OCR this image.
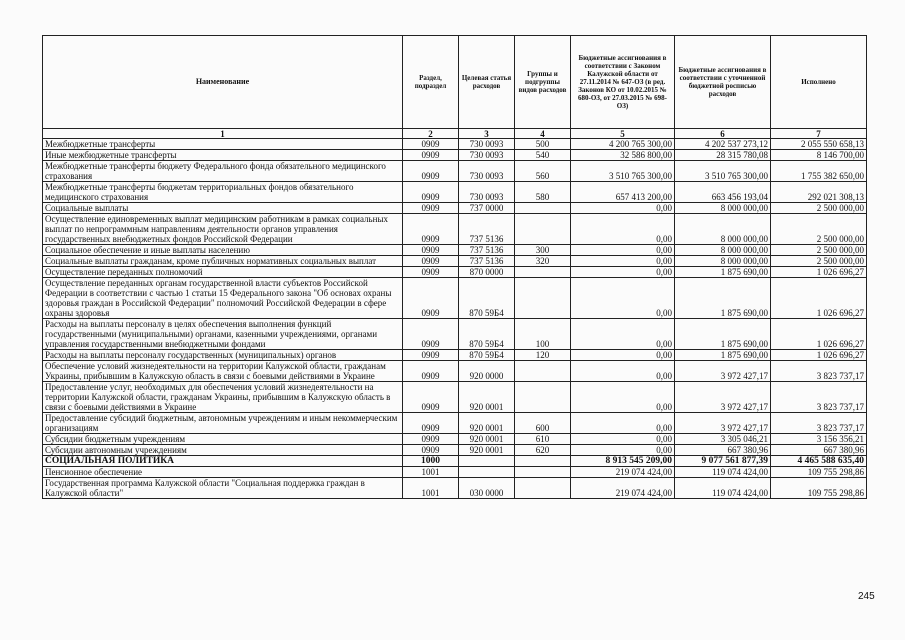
Наименование	Раздел, подраздел	Целевая статья расходов	Группы и подгруппы видов расходов	Бюджетные ассигнования в соответствии с Законом Калужской области от 27.11.2014 № 647-ОЗ (в ред. Законов КО от 10.02.2015 № 680-ОЗ, от 27.03.2015 № 698-ОЗ)	Бюджетные ассигнования в соответствии с уточненной бюджетной росписью расходов	Исполнено
1	2	3	4	5	6	7
Межбюджетные трансферты	0909	730 0093	500	4 200 765 300,00	4 202 537 273,12	2 055 550 658,13
Иные межбюджетные трансферты	0909	730 0093	540	32 586 800,00	28 315 780,08	8 146 700,00
Межбюджетные трансферты бюджету Федерального фонда обязательного медицинского страхования	0909	730 0093	560	3 510 765 300,00	3 510 765 300,00	1 755 382 650,00
Межбюджетные трансферты бюджетам территориальных фондов обязательного медицинского страхования	0909	730 0093	580	657 413 200,00	663 456 193,04	292 021 308,13
Социальные выплаты	0909	737 0000		0,00	8 000 000,00	2 500 000,00
Осуществление единовременных выплат медицинским работникам в рамках социальных выплат по непрограммным направлениям деятельности органов управления государственных внебюджетных фондов Российской Федерации	0909	737 5136		0,00	8 000 000,00	2 500 000,00
Социальное обеспечение и иные выплаты населению	0909	737 5136	300	0,00	8 000 000,00	2 500 000,00
Социальные выплаты гражданам, кроме публичных нормативных социальных выплат	0909	737 5136	320	0,00	8 000 000,00	2 500 000,00
Осуществление переданных полномочий	0909	870 0000		0,00	1 875 690,00	1 026 696,27
Осуществление переданных органам государственной власти субъектов Российской Федерации в соответствии с частью 1 статьи 15 Федерального закона "Об основах охраны здоровья граждан в Российской Федерации" полномочий Российской Федерации в сфере охраны здоровья	0909	870 59Б4		0,00	1 875 690,00	1 026 696,27
Расходы на выплаты персоналу в целях обеспечения выполнения функций государственными (муниципальными) органами, казенными учреждениями, органами управления государственными внебюджетными фондами	0909	870 59Б4	100	0,00	1 875 690,00	1 026 696,27
Расходы на выплаты персоналу государственных (муниципальных) органов	0909	870 59Б4	120	0,00	1 875 690,00	1 026 696,27
Обеспечение условий жизнедеятельности на территории Калужской области, гражданам Украины, прибывшим в Калужскую область в связи с боевыми действиями в Украине	0909	920 0000		0,00	3 972 427,17	3 823 737,17
Предоставление услуг, необходимых для обеспечения условий жизнедеятельности на территории Калужской области, гражданам Украины, прибывшим в Калужскую область в связи с боевыми действиями в Украине	0909	920 0001		0,00	3 972 427,17	3 823 737,17
Предоставление субсидий бюджетным, автономным учреждениям и иным некоммерческим организациям	0909	920 0001	600	0,00	3 972 427,17	3 823 737,17
Субсидии бюджетным учреждениям	0909	920 0001	610	0,00	3 305 046,21	3 156 356,21
Субсидии автономным учреждениям	0909	920 0001	620	0,00	667 380,96	667 380,96
СОЦИАЛЬНАЯ ПОЛИТИКА	1000			8 913 545 209,00	9 077 561 877,39	4 465 588 635,40
Пенсионное обеспечение	1001			219 074 424,00	119 074 424,00	109 755 298,86
Государственная программа Калужской области "Социальная поддержка граждан в Калужской области"	1001	030 0000		219 074 424,00	119 074 424,00	109 755 298,86
245
